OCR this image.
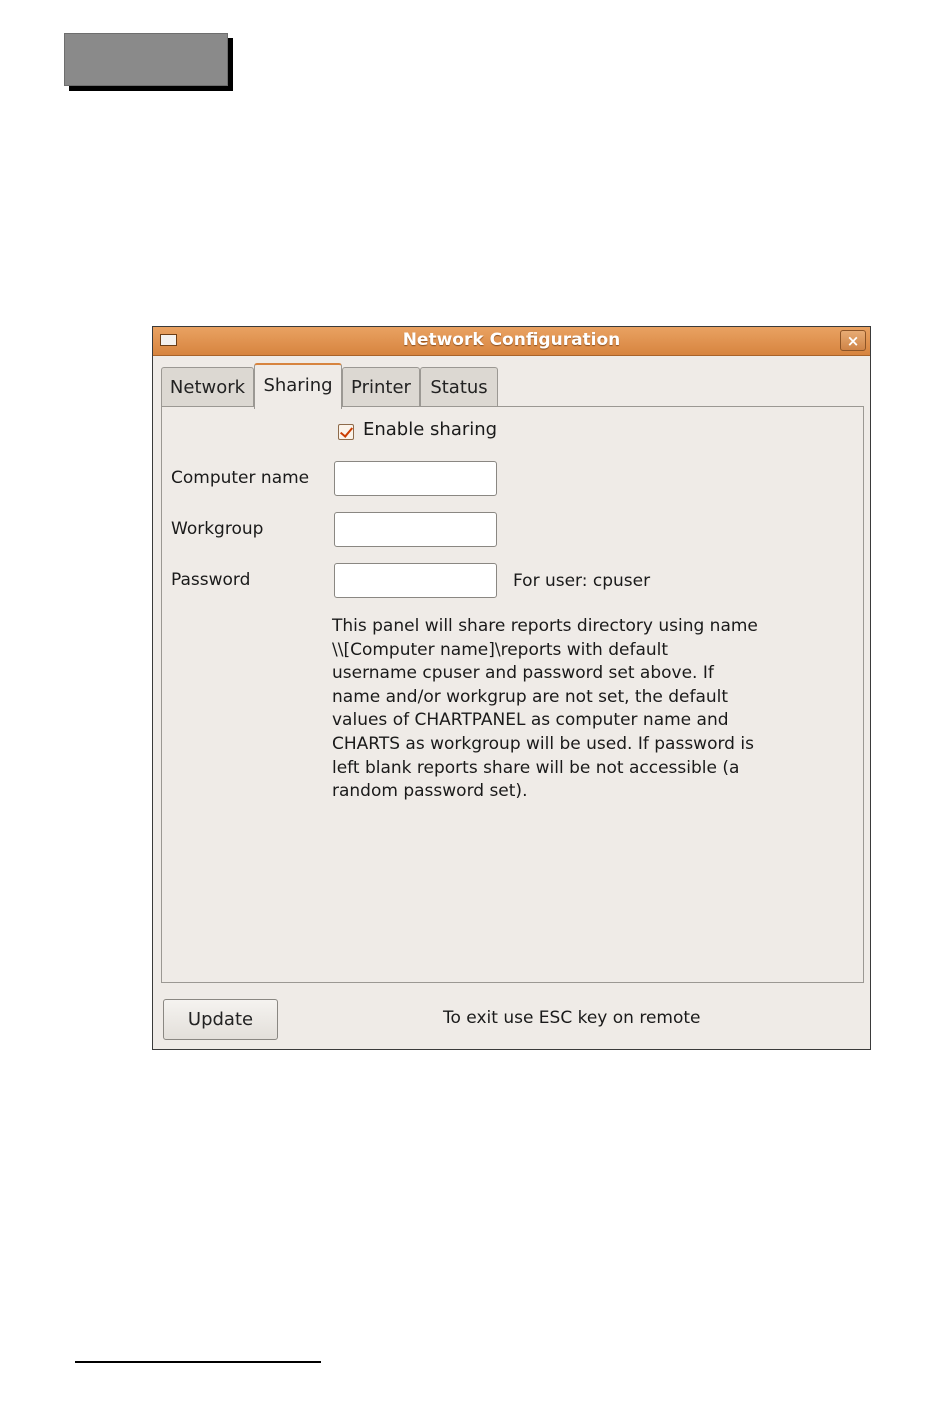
Network Configuration	×
Network	Sharing	Printer	Status
Enable sharing
Computer name
Workgroup
Password	For user: cpuser
This panel will share reports directory using name
\\[Computer name]\reports with default
username cpuser and password set above. If
name and/or workgrup are not set, the default
values of CHARTPANEL as computer name and
CHARTS as workgroup will be used. If password is
left blank reports share will be not accessible (a
random password set).
Update	To exit use ESC key on remote
